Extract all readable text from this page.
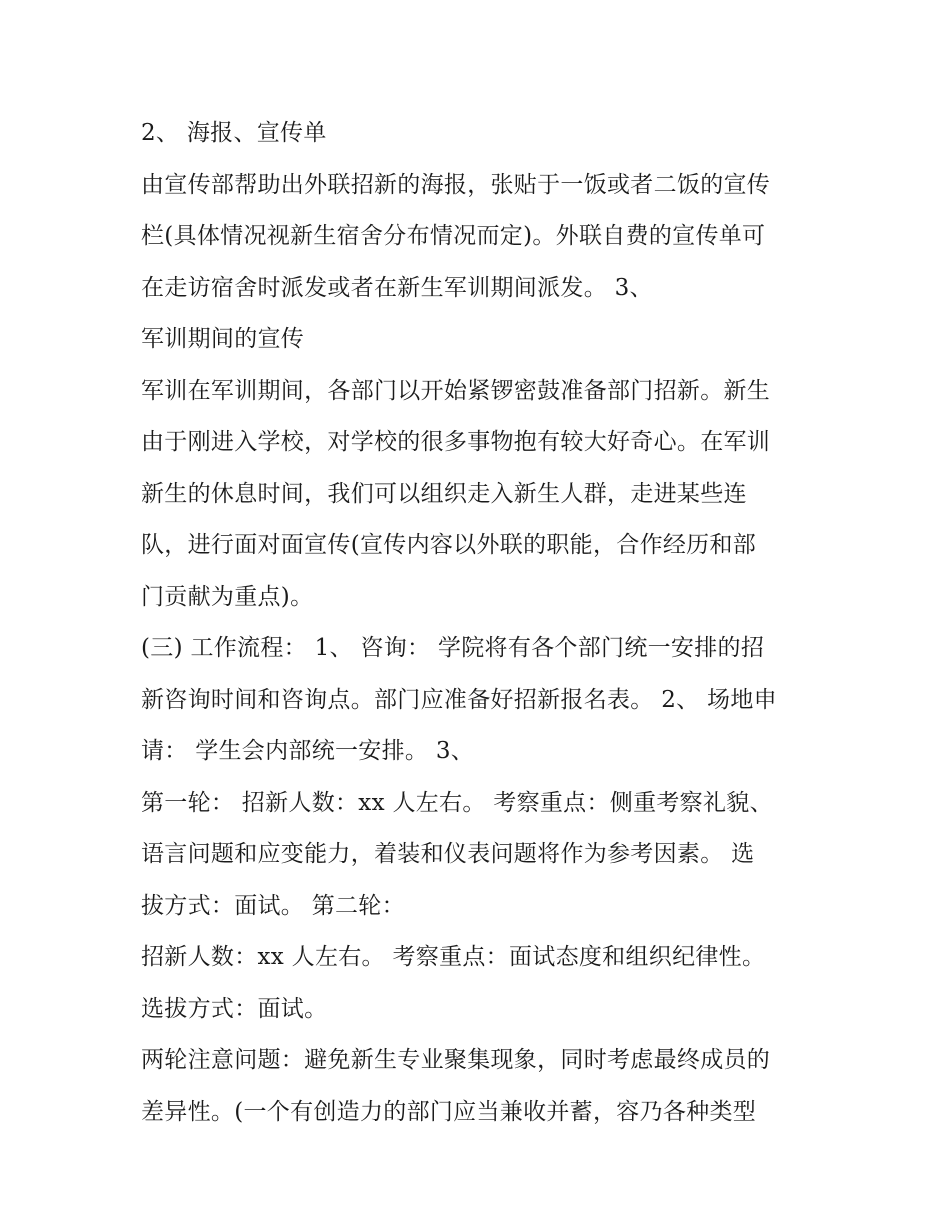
2、 海报、宣传单
由宣传部帮助出外联招新的海报，张贴于一饭或者二饭的宣传
栏(具体情况视新生宿舍分布情况而定)。外联自费的宣传单可
在走访宿舍时派发或者在新生军训期间派发。 3、
军训期间的宣传
军训在军训期间，各部门以开始紧锣密鼓准备部门招新。新生
由于刚进入学校，对学校的很多事物抱有较大好奇心。在军训
新生的休息时间，我们可以组织走入新生人群，走进某些连
队，进行面对面宣传(宣传内容以外联的职能，合作经历和部
门贡献为重点)。
(三) 工作流程： 1、 咨询： 学院将有各个部门统一安排的招
新咨询时间和咨询点。部门应准备好招新报名表。 2、 场地申
请： 学生会内部统一安排。 3、
第一轮： 招新人数：xx 人左右。 考察重点：侧重考察礼貌、
语言问题和应变能力，着装和仪表问题将作为参考因素。 选
拔方式：面试。 第二轮：
招新人数：xx 人左右。 考察重点：面试态度和组织纪律性。
选拔方式：面试。
两轮注意问题：避免新生专业聚集现象，同时考虑最终成员的
差异性。(一个有创造力的部门应当兼收并蓄，容乃各种类型
